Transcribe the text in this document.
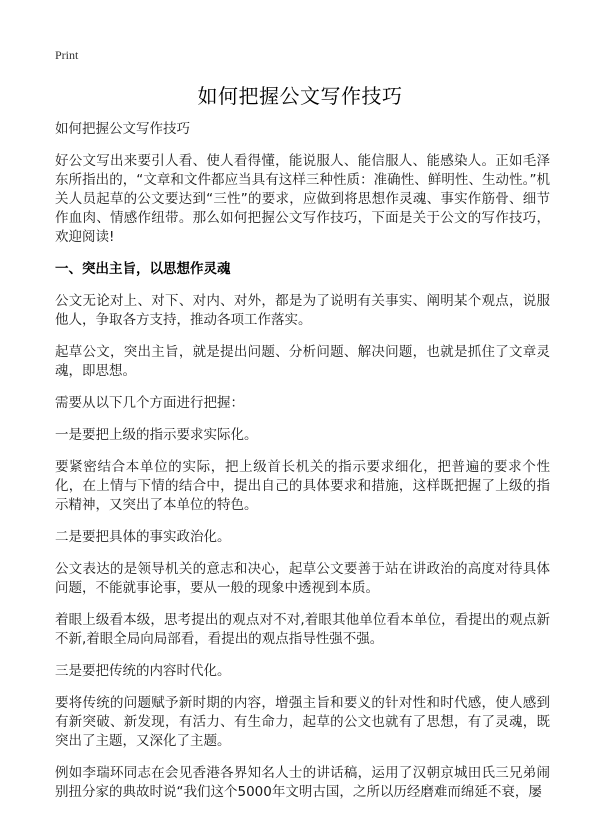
Print
如何把握公文写作技巧

如何把握公文写作技巧

好公文写出来要引人看、使人看得懂，能说服人、能信服人、能感染人。正如毛泽东所指出的，“文章和文件都应当具有这样三种性质：准确性、鲜明性、生动性。”机关人员起草的公文要达到“三性”的要求，应做到将思想作灵魂、事实作筋骨、细节作血肉、情感作纽带。那么如何把握公文写作技巧，下面是关于公文的写作技巧，欢迎阅读!

一、突出主旨，以思想作灵魂

公文无论对上、对下、对内、对外，都是为了说明有关事实、阐明某个观点，说服他人，争取各方支持，推动各项工作落实。

起草公文，突出主旨，就是提出问题、分析问题、解决问题，也就是抓住了文章灵魂，即思想。

需要从以下几个方面进行把握：

一是要把上级的指示要求实际化。

要紧密结合本单位的实际，把上级首长机关的指示要求细化，把普遍的要求个性化，在上情与下情的结合中，提出自己的具体要求和措施，这样既把握了上级的指示精神，又突出了本单位的特色。

二是要把具体的事实政治化。

公文表达的是领导机关的意志和决心，起草公文要善于站在讲政治的高度对待具体问题，不能就事论事，要从一般的现象中透视到本质。

着眼上级看本级，思考提出的观点对不对,着眼其他单位看本单位，看提出的观点新不新,着眼全局向局部看，看提出的观点指导性强不强。

三是要把传统的内容时代化。

要将传统的问题赋予新时期的内容，增强主旨和要义的针对性和时代感，使人感到有新突破、新发现，有活力、有生命力，起草的公文也就有了思想，有了灵魂，既突出了主题，又深化了主题。

例如李瑞环同志在会见香港各界知名人士的讲话稿，运用了汉朝京城田氏三兄弟闹别扭分家的典故时说“我们这个5000年文明古国，之所以历经磨难而绵延不衰，屡
